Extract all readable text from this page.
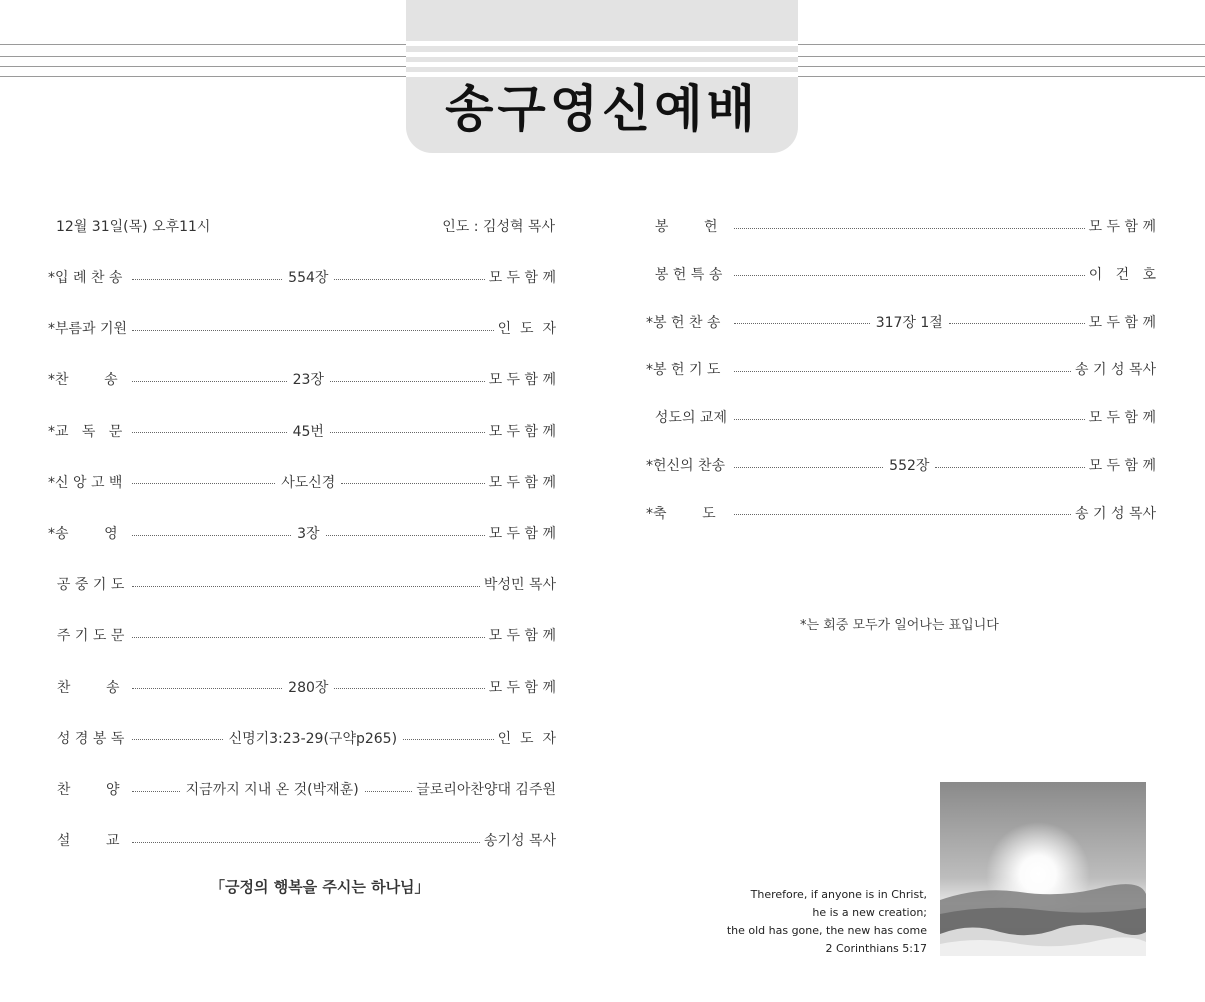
송구영신예배
12월 31일(목) 오후11시	인도 : 김성혁 목사
*입 례 찬 송	554장	모 두 함 께
*부름과 기원	인  도  자
*찬        송	23장	모 두 함 께
*교   독   문	45번	모 두 함 께
*신 앙 고 백	사도신경	모 두 함 께
*송        영	3장	모 두 함 께
공 중 기 도	박성민 목사
주 기 도 문	모 두 함 께
찬        송	280장	모 두 함 께
성 경 봉 독	신명기3:23-29(구약p265)	인  도  자
찬        양	지금까지 지내 온 것(박재훈)	글로리아찬양대 김주원
설        교	송기성 목사
봉        헌	모 두 함 께
봉 헌 특 송	이   건   호
*봉 헌 찬 송	317장 1절	모 두 함 께
*봉 헌 기 도	송 기 성 목사
성도의 교제	모 두 함 께
*헌신의 찬송	552장	모 두 함 께
*축        도	송 기 성 목사
「긍정의 행복을 주시는 하나님」
*는 회중 모두가 일어나는 표입니다
Therefore, if anyone is in Christ,
he is a new creation;
the old has gone, the new has come
2 Corinthians 5:17
